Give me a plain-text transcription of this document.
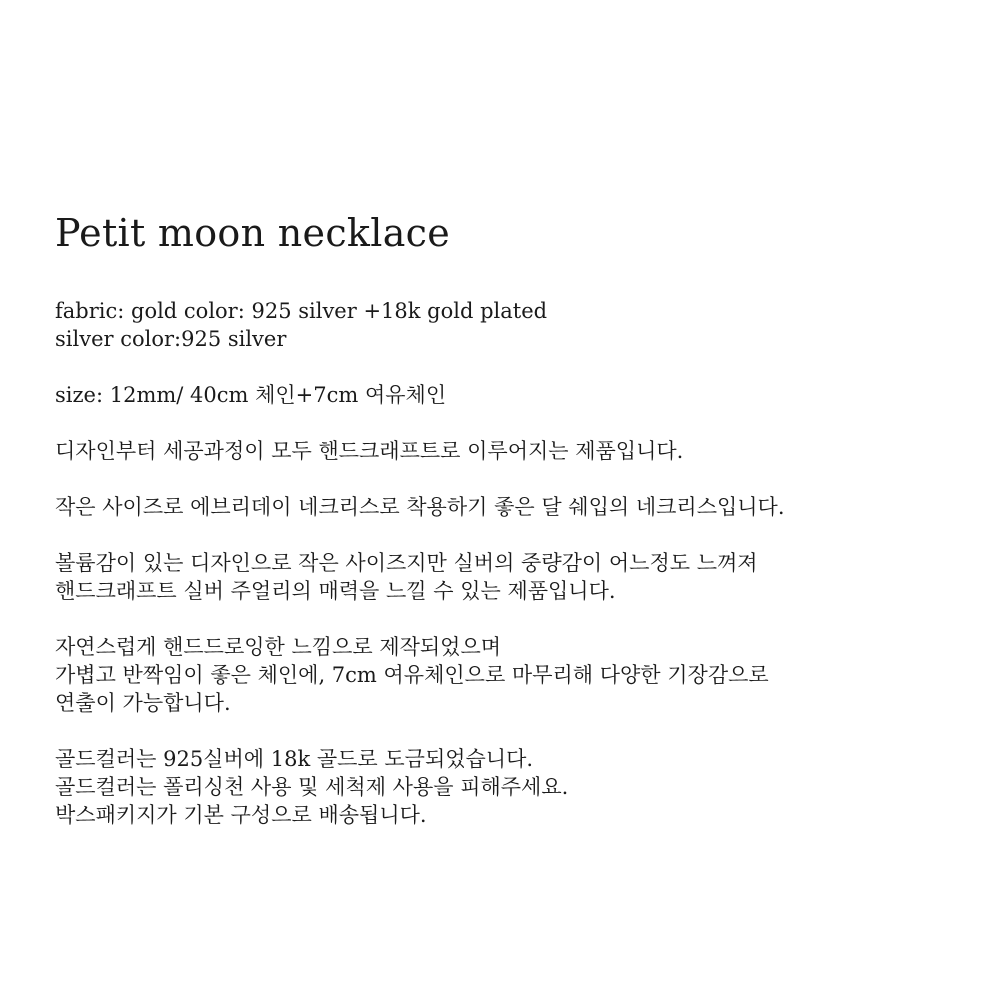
Petit moon necklace
fabric: gold color: 925 silver +18k gold plated
silver color:925 silver
size: 12mm/ 40cm 체인+7cm 여유체인
디자인부터 세공과정이 모두 핸드크래프트로 이루어지는 제품입니다.
작은 사이즈로 에브리데이 네크리스로 착용하기 좋은 달 쉐입의 네크리스입니다.
볼륨감이 있는 디자인으로 작은 사이즈지만 실버의 중량감이 어느정도 느껴져
핸드크래프트 실버 주얼리의 매력을 느낄 수 있는 제품입니다.
자연스럽게 핸드드로잉한 느낌으로 제작되었으며
가볍고 반짝임이 좋은 체인에, 7cm 여유체인으로 마무리해 다양한 기장감으로
연출이 가능합니다.
골드컬러는 925실버에 18k 골드로 도금되었습니다.
골드컬러는 폴리싱천 사용 및 세척제 사용을 피해주세요.
박스패키지가 기본 구성으로 배송됩니다.
